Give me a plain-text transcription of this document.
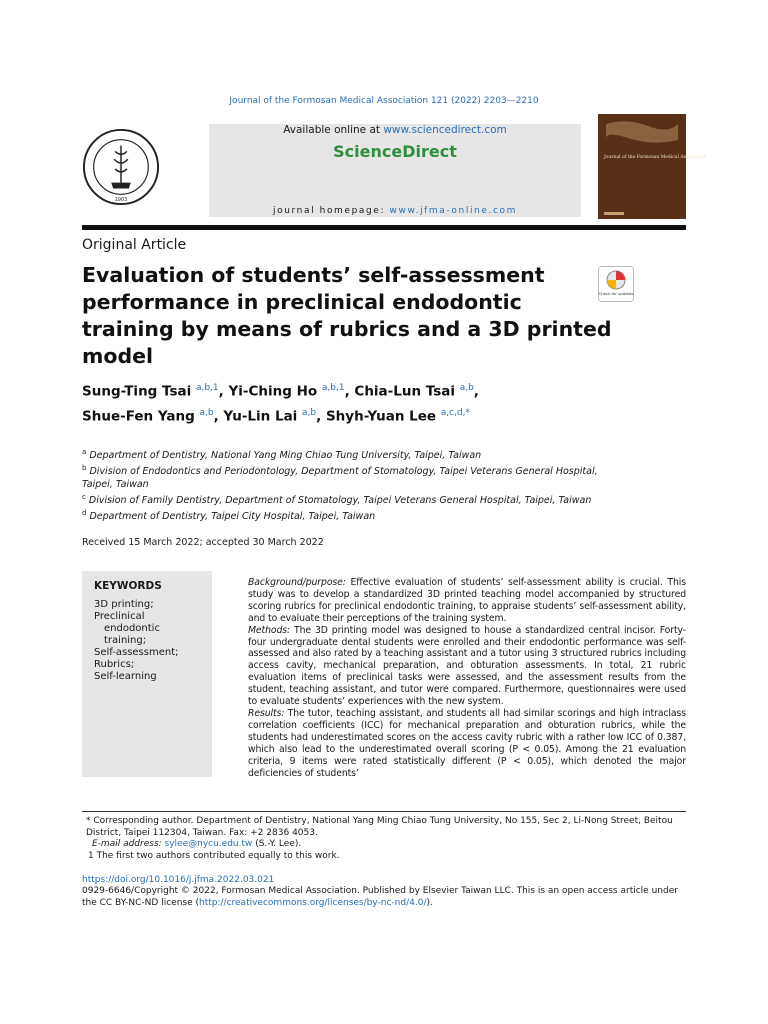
Journal of the Formosan Medical Association 121 (2022) 2203—2210
1903
Available online at www.sciencedirect.com
ScienceDirect
journal homepage: www.jfma-online.com
Journal of the Formosan Medical Association
Original Article
Evaluation of students’ self-assessment performance in preclinical endodontic training by means of rubrics and a 3D printed model
Check for updates
Sung-Ting Tsai $^{a,b,1}$, Yi-Ching Ho $^{a,b,1}$, Chia-Lun Tsai $^{a,b}$,
Shue-Fen Yang $^{a,b}$, Yu-Lin Lai $^{a,b}$, Shyh-Yuan Lee $^{a,c,d,*}$
$^a$ Department of Dentistry, National Yang Ming Chiao Tung University, Taipei, Taiwan
$^b$ Division of Endodontics and Periodontology, Department of Stomatology, Taipei Veterans General Hospital, Taipei, Taiwan
$^c$ Division of Family Dentistry, Department of Stomatology, Taipei Veterans General Hospital, Taipei, Taiwan
$^d$ Department of Dentistry, Taipei City Hospital, Taipei, Taiwan
Received 15 March 2022; accepted 30 March 2022
KEYWORDS
3D printing;
Preclinical
endodontic
training;
Self-assessment;
Rubrics;
Self-learning

Background/purpose: Effective evaluation of students’ self-assessment ability is crucial. This study was to develop a standardized 3D printed teaching model accompanied by structured scoring rubrics for preclinical endodontic training, to appraise students’ self-assessment ability, and to evaluate their perceptions of the training system.

Methods: The 3D printing model was designed to house a standardized central incisor. Forty-four undergraduate dental students were enrolled and their endodontic performance was self-assessed and also rated by a teaching assistant and a tutor using 3 structured rubrics including access cavity, mechanical preparation, and obturation assessments. In total, 21 rubric evaluation items of preclinical tasks were assessed, and the assessment results from the student, teaching assistant, and tutor were compared. Furthermore, questionnaires were used to evaluate students’ experiences with the new system.

Results: The tutor, teaching assistant, and students all had similar scorings and high intraclass correlation coefficients (ICC) for mechanical preparation and obturation rubrics, while the students had underestimated scores on the access cavity rubric with a rather low ICC of 0.387, which also lead to the underestimated overall scoring (P < 0.05). Among the 21 evaluation criteria, 9 items were rated statistically different (P < 0.05), which denoted the major deficiencies of students’

* Corresponding author. Department of Dentistry, National Yang Ming Chiao Tung University, No 155, Sec 2, Li-Nong Street, Beitou District, Taipei 112304, Taiwan. Fax: +2 2836 4053.

E-mail address: sylee@nycu.edu.tw (S.-Y. Lee).

1 The first two authors contributed equally to this work.

https://doi.org/10.1016/j.jfma.2022.03.021
0929-6646/Copyright © 2022, Formosan Medical Association. Published by Elsevier Taiwan LLC. This is an open access article under the CC BY-NC-ND license (http://creativecommons.org/licenses/by-nc-nd/4.0/).
